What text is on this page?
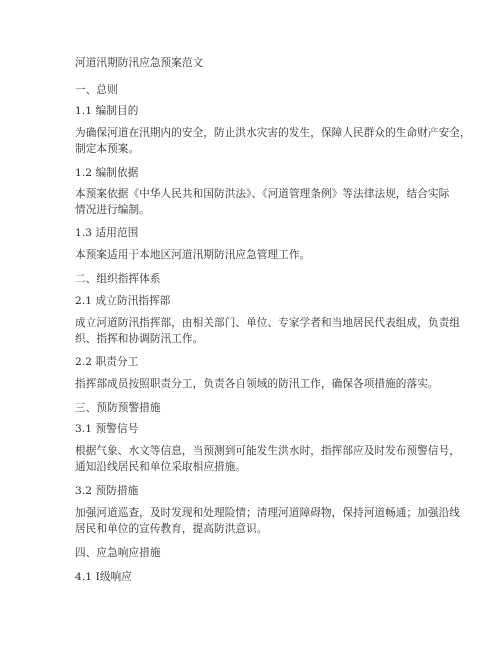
河道汛期防汛应急预案范文
一、总则
1.1 编制目的
为确保河道在汛期内的安全，防止洪水灾害的发生，保障人民群众的生命财产安全，
制定本预案。
1.2 编制依据
本预案依据《中华人民共和国防洪法》、《河道管理条例》等法律法规，结合实际
情况进行编制。
1.3 适用范围
本预案适用于本地区河道汛期防汛应急管理工作。
二、组织指挥体系
2.1 成立防汛指挥部
成立河道防汛指挥部，由相关部门、单位、专家学者和当地居民代表组成，负责组
织、指挥和协调防汛工作。
2.2 职责分工
指挥部成员按照职责分工，负责各自领域的防汛工作，确保各项措施的落实。
三、预防预警措施
3.1 预警信号
根据气象、水文等信息，当预测到可能发生洪水时，指挥部应及时发布预警信号，
通知沿线居民和单位采取相应措施。
3.2 预防措施
加强河道巡查，及时发现和处理险情；清理河道障碍物，保持河道畅通；加强沿线
居民和单位的宣传教育，提高防洪意识。
四、应急响应措施
4.1 Ⅰ级响应
